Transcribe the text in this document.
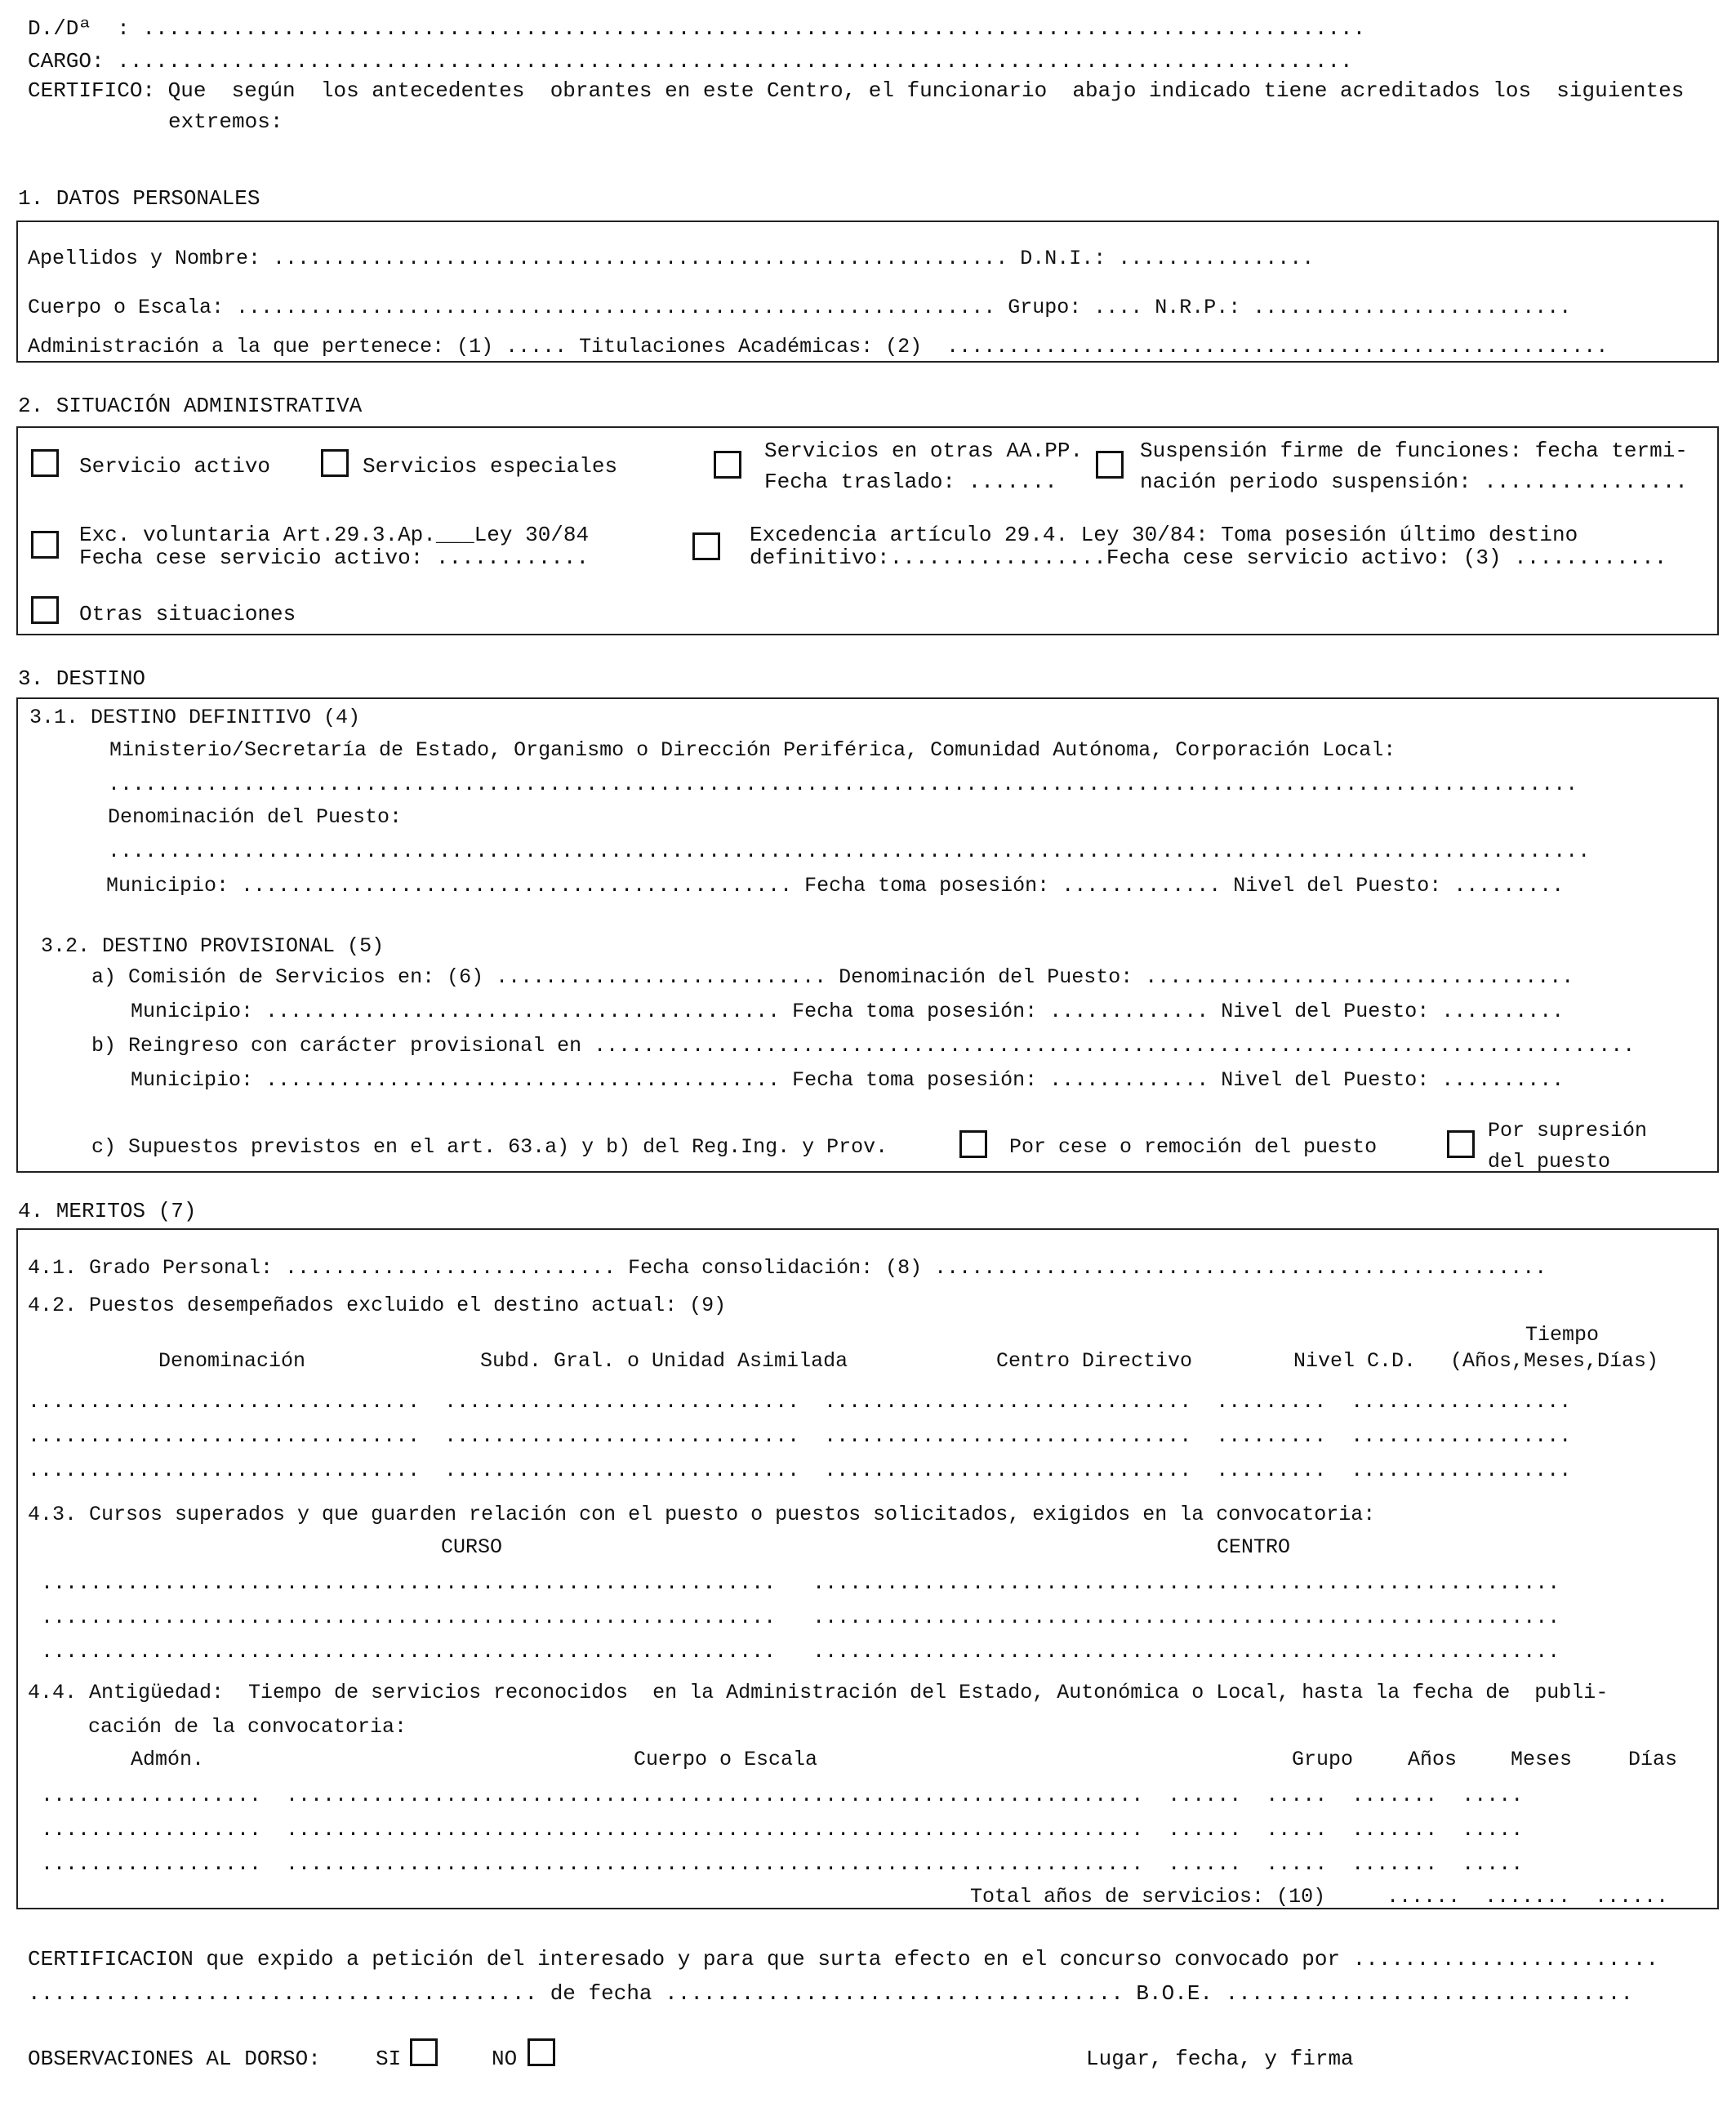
D./Dª  : ................................................................................................
CARGO: .................................................................................................
CERTIFICO: Que  según  los antecedentes  obrantes en este Centro, el funcionario  abajo indicado tiene acreditados los  siguientes
extremos:
1. DATOS PERSONALES
Apellidos y Nombre: ............................................................ D.N.I.: ................
Cuerpo o Escala: .............................................................. Grupo: .... N.R.P.: ..........................
Administración a la que pertenece: (1) ..... Titulaciones Académicas: (2)  ......................................................
2. SITUACIÓN ADMINISTRATIVA
Servicio activo	Servicios especiales
Servicios en otras AA.PP.
Fecha traslado: .......
Suspensión firme de funciones: fecha termi-
nación periodo suspensión: ................
Exc. voluntaria Art.29.3.Ap.___Ley 30/84
Fecha cese servicio activo: ............
Excedencia artículo 29.4. Ley 30/84: Toma posesión último destino
definitivo:.................Fecha cese servicio activo: (3) ............
Otras situaciones
3. DESTINO
3.1. DESTINO DEFINITIVO (4)
Ministerio/Secretaría de Estado, Organismo o Dirección Periférica, Comunidad Autónoma, Corporación Local:
........................................................................................................................
Denominación del Puesto:
.........................................................................................................................
Municipio: ............................................. Fecha toma posesión: ............. Nivel del Puesto: .........
3.2. DESTINO PROVISIONAL (5)
a) Comisión de Servicios en: (6) ........................... Denominación del Puesto: ...................................
Municipio: .......................................... Fecha toma posesión: ............. Nivel del Puesto: ..........
b) Reingreso con carácter provisional en .....................................................................................
Municipio: .......................................... Fecha toma posesión: ............. Nivel del Puesto: ..........
c) Supuestos previstos en el art. 63.a) y b) del Reg.Ing. y Prov.	Por cese o remoción del puesto
Por supresión
del puesto
4. MERITOS (7)
4.1. Grado Personal: ........................... Fecha consolidación: (8) ..................................................
4.2. Puestos desempeñados excluido el destino actual: (9)
Tiempo
Denominación	Subd. Gral. o Unidad Asimilada	Centro Directivo	Nivel C.D. (Años,Meses,Días)
................................  .............................  ..............................  .........  ..................
................................  .............................  ..............................  .........  ..................
................................  .............................  ..............................  .........  ..................
4.3. Cursos superados y que guarden relación con el puesto o puestos solicitados, exigidos en la convocatoria:
CURSO	CENTRO
............................................................   .............................................................
............................................................   .............................................................
............................................................   .............................................................
4.4. Antigüedad:  Tiempo de servicios reconocidos  en la Administración del Estado, Autonómica o Local, hasta la fecha de  publi-
cación de la convocatoria:
Admón.	Cuerpo o Escala	Grupo	Años	Meses	Días
..................  ......................................................................  ......  .....  .......  .....
..................  ......................................................................  ......  .....  .......  .....
..................  ......................................................................  ......  .....  .......  .....
Total años de servicios: (10)     ......  .......  ......
CERTIFICACION que expido a petición del interesado y para que surta efecto en el concurso convocado por ........................
........................................ de fecha .................................... B.O.E. ................................
OBSERVACIONES AL DORSO:	SI	NO	Lugar, fecha, y firma
